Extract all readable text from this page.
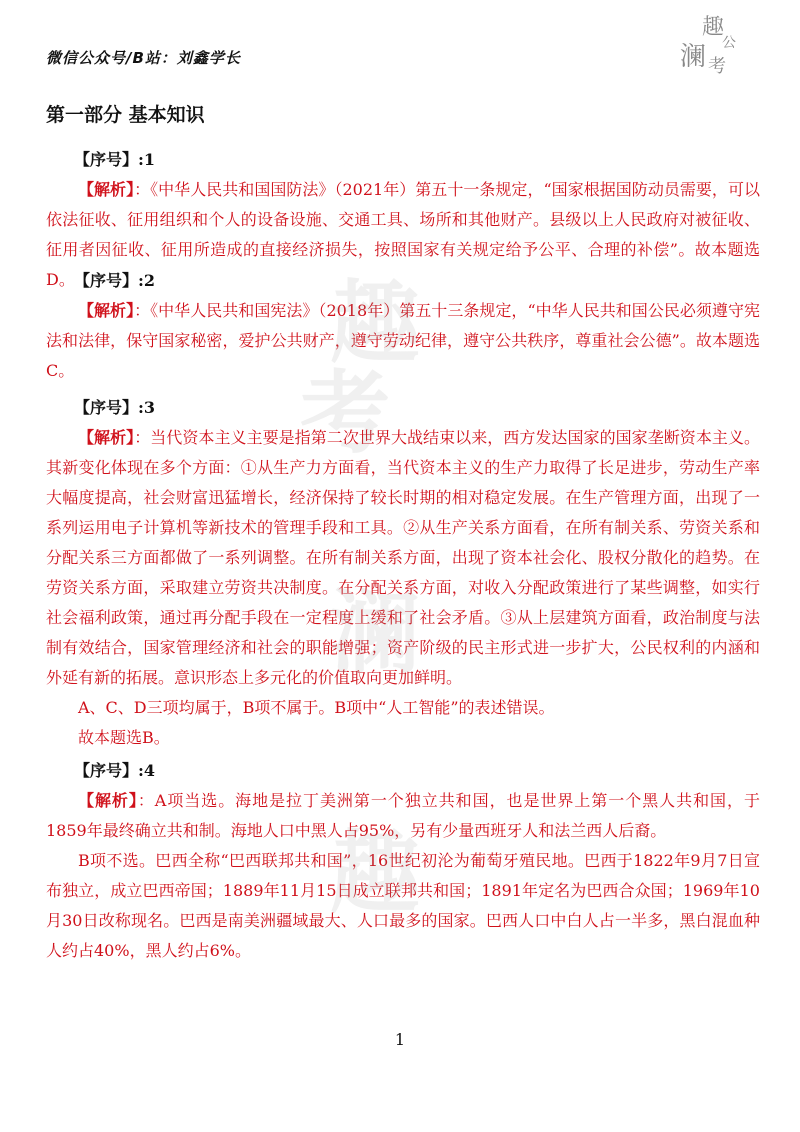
微信公众号/B站：刘鑫学长
趣
公
澜 考
第一部分 基本知识
【序号】:1

【解析】：《中华人民共和国国防法》（2021年）第五十一条规定，“国家根据国防动员需要，可以依法征收、征用组织和个人的设备设施、交通工具、场所和其他财产。县级以上人民政府对被征收、征用者因征收、征用所造成的直接经济损失，按照国家有关规定给予公平、合理的补偿”。故本题选D。 【序号】:2

【解析】：《中华人民共和国宪法》（2018年）第五十三条规定，“中华人民共和国公民必须遵守宪法和法律，保守国家秘密，爱护公共财产，遵守劳动纪律，遵守公共秩序，尊重社会公德”。故本题选C。

【序号】:3

【解析】：当代资本主义主要是指第二次世界大战结束以来，西方发达国家的国家垄断资本主义。其新变化体现在多个方面：①从生产力方面看，当代资本主义的生产力取得了长足进步，劳动生产率大幅度提高，社会财富迅猛增长，经济保持了较长时期的相对稳定发展。在生产管理方面，出现了一系列运用电子计算机等新技术的管理手段和工具。②从生产关系方面看，在所有制关系、劳资关系和分配关系三方面都做了一系列调整。在所有制关系方面，出现了资本社会化、股权分散化的趋势。在劳资关系方面，采取建立劳资共决制度。在分配关系方面，对收入分配政策进行了某些调整，如实行社会福利政策，通过再分配手段在一定程度上缓和了社会矛盾。③从上层建筑方面看，政治制度与法制有效结合，国家管理经济和社会的职能增强；资产阶级的民主形式进一步扩大，公民权利的内涵和外延有新的拓展。意识形态上多元化的价值取向更加鲜明。

A、C、D三项均属于，B项不属于。B项中“人工智能”的表述错误。

故本题选B。

【序号】:4

【解析】：A项当选。海地是拉丁美洲第一个独立共和国，也是世界上第一个黑人共和国，于1859年最终确立共和制。海地人口中黑人占95%，另有少量西班牙人和法兰西人后裔。

B项不选。巴西全称“巴西联邦共和国”，16世纪初沦为葡萄牙殖民地。巴西于1822年9月7日宣布独立，成立巴西帝国；1889年11月15日成立联邦共和国；1891年定名为巴西合众国；1969年10月30日改称现名。巴西是南美洲疆域最大、人口最多的国家。巴西人口中白人占一半多，黑白混血种人约占40%，黑人约占6%。

趣
考
澜
趣
1
